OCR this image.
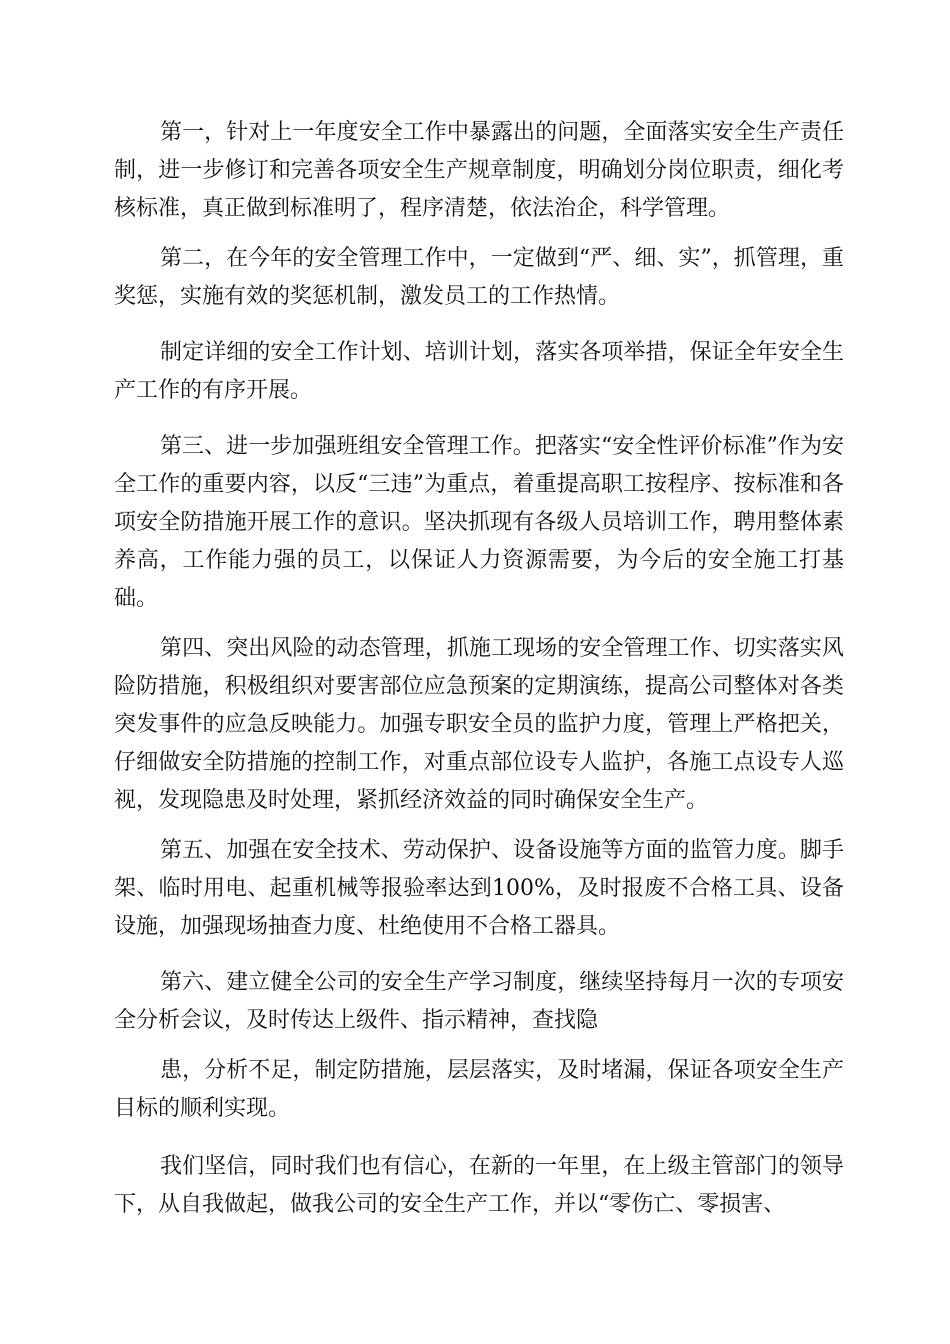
第一，针对上一年度安全工作中暴露出的问题，全面落实安全生产责任制，进一步修订和完善各项安全生产规章制度，明确划分岗位职责，细化考核标准，真正做到标准明了，程序清楚，依法治企，科学管理。

第二，在今年的安全管理工作中，一定做到“严、细、实”，抓管理，重奖惩，实施有效的奖惩机制，激发员工的工作热情。

制定详细的安全工作计划、培训计划，落实各项举措，保证全年安全生产工作的有序开展。

第三、进一步加强班组安全管理工作。把落实“安全性评价标准”作为安全工作的重要内容，以反“三违”为重点，着重提高职工按程序、按标准和各项安全防措施开展工作的意识。坚决抓现有各级人员培训工作，聘用整体素养高，工作能力强的员工，以保证人力资源需要，为今后的安全施工打基础。

第四、突出风险的动态管理，抓施工现场的安全管理工作、切实落实风险防措施，积极组织对要害部位应急预案的定期演练，提高公司整体对各类突发事件的应急反映能力。加强专职安全员的监护力度，管理上严格把关，仔细做安全防措施的控制工作，对重点部位设专人监护，各施工点设专人巡视，发现隐患及时处理，紧抓经济效益的同时确保安全生产。

第五、加强在安全技术、劳动保护、设备设施等方面的监管力度。脚手架、临时用电、起重机械等报验率达到100%，及时报废不合格工具、设备设施，加强现场抽查力度、杜绝使用不合格工器具。

第六、建立健全公司的安全生产学习制度，继续坚持每月一次的专项安全分析会议，及时传达上级件、指示精神，查找隐

患，分析不足，制定防措施，层层落实，及时堵漏，保证各项安全生产目标的顺利实现。

我们坚信，同时我们也有信心，在新的一年里，在上级主管部门的领导下，从自我做起，做我公司的安全生产工作，并以“零伤亡、零损害、
